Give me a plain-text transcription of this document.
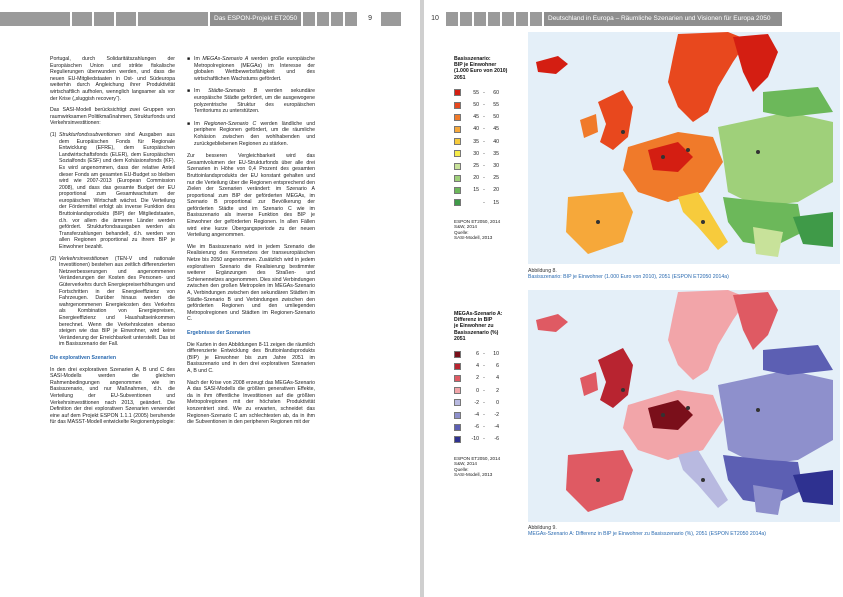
Das ESPON-Projekt ET2050	9

Portugal, durch Solidaritätszahlungen der Europäischen Union und strikte fiskalische Regulierungen überwunden werden, und dass die neuen EU-Mitgliedstaaten in Ost- und Südeuropa weiterhin durch Angleichung ihrer Produktivität wirtschaftlich aufholen, wennglich langsamer als vor der Krise („sluggish recovery“).

Das SASI-Modell berücksichtigt zwei Gruppen von raumwirksamen Politikmaßnahmen, Strukturfonds und Verkehrsinvestitionen:

(1) Strukturfondssubventionen sind Ausgaben aus dem Europäischen Fonds für Regionale Entwicklung (EFRE), dem Europäischen Landwirtschaftsfonds (ELER), dem Europäischen Sozialfonds (ESF) und dem Kohäsionsfonds (KF). Es wird angenommen, dass der relative Anteil dieser Fonds am gesamten EU-Budget so bleiben wird wie 2007-2013 (European Commission 2008), und dass das gesamte Budget der EU proportional zum Gesamtwachstum der europäischen Wirtschaft wächst. Die Verteilung der Fördermittel erfolgt als inverse Funktion des Bruttoinlandsprodukts (BIP) der Mitgliedstaaten, d.h. vor allem die ärmeren Länder werden gefördert. Strukturfondsausgaben werden als Transferzahlungen behandelt, d.h. werden von allen Regionen proportional zu ihrem BIP je Einwohner bezahlt.
(2) Verkehrsinvestitionen (TEN-V und nationale Investitionen) bestehen aus zeitlich differenzierten Netzverbesserungen und angenommenen Veränderungen der Kosten des Personen- und Güterverkehrs durch Energiepreiserhöhungen und Fortschritten in der Energieeffizienz von Fahrzeugen. Darüber hinaus werden die wahrgenommenen Energiekosten des Verkehrs als Kombination von Energiepreisen, Energieeffizienz und Haushaltseinkommen berechnet. Wenn die Verkehrskosten ebenso steigen wie das BIP je Einwohner, wird keine Veränderung der Erreichbarkeit unterstellt. Das ist im Basisszenario der Fall.
Die explorativen Szenarien

In den drei explorativen Szenarien A, B und C des SASI-Modells werden die gleichen Rahmenbedingungen angenommen wie im Basisszenario, und nur Maßnahmen, d.h. die Verteilung der EU-Subventionen und Verkehrsinvestitionen nach 2013, geändert. Die Definition der drei explorativen Szenarien verwendet eine auf dem Projekt ESPON 1.1.1 (2005) beruhende für das MASST-Modell entwickelte Regionentypologie:

■ Im MEGAs-Szenario A werden große europäische Metropolregionen (MEGAs) im Interesse der globalen Wettbewerbsfähigkeit und des wirtschaftlichen Wachstums gefördert.
■ Im Städte-Szenario B werden sekundäre europäische Städte gefördert, um die ausgewogene polyzentrische Struktur des europäischen Territoriums zu unterstützen.
■ Im Regionen-Szenario C werden ländliche und periphere Regionen gefördert, um die räumliche Kohäsion zwischen den wohlhabenden und zurückgebliebenen Regionen zu stärken.

Zur besseren Vergleichbarkeit wird das Gesamtvolumen der EU-Strukturfonds über alle drei Szenarien in Höhe von 0,4 Prozent des gesamten Bruttoinlandsprodukts der EU konstant gehalten und nur die Verteilung über die Regionen entsprechend den Zielen der Szenarien verändert: im Szenario A proportional zum BIP der geförderten MEGAs, im Szenario B proportional zur Bevölkerung der geförderten Städte und im Szenario C wie im Basisszenario als inverse Funktion des BIP je Einwohner der geförderten Regionen. In allen Fällen wird eine kurze Übergangsperiode zu der neuen Verteilung angenommen.

Wie im Basisszenario wird in jedem Szenario die Realisierung des Kernnetzes der transeuropäischen Netze bis 2050 angenommen. Zusätzlich wird in jedem explorativen Szenario die Realisierung bestimmter weiterer Ergänzungen des Straßen- und Schienennetzes angenommen. Dies sind Verbindungen zwischen den großen Metropolen im MEGAs-Szenario A, Verbindungen zwischen den sekundären Städten im Städte-Szenario B und Verbindungen zwischen den geförderten Regionen und den umliegenden Metropolregionen und Städten im Regionen-Szenario C.

Ergebnisse der Szenarien

Die Karten in den Abbildungen 8-11 zeigen die räumlich differenzierte Entwicklung des Bruttoinlandsprodukts (BIP) je Einwohner bis zum Jahre 2051 im Basisszenario und in den drei explorativen Szenarien A, B und C.

Nach der Krise von 2008 erzeugt das MEGAs-Szenario A das SASI-Modells die größten generativen Effekte, da in ihm öffentliche Investitionen auf die größten Metropolregionen mit der höchsten Produktivität konzentriert sind. Wie zu erwarten, schneidet das Regionen-Szenario C am schlechtesten ab, da in ihm die Subventionen in den peripheren Regionen mit der

10	Deutschland in Europa – Räumliche Szenarien und Visionen für Europa 2050
Basisszenario:
BIP je Einwohner
(1.000 Euro von 2010)
2051
55 -	60
50 -	55
45 -	50
40 -	45
35 -	40
30 -	35
25 -	30
20 -	25
15 -	20
-	15
ESPON ET2050, 2014
S&W, 2014
Quelle:
SASI-Modell, 2013
Abbildung 8.
Basisszenario: BIP je Einwohner (1.000 Euro von 2010), 2051 (ESPON ET2050 2014a)
MEGAs-Szenario A:
Differenz in BIP
je Einwohner zu
Basisszenario (%)
2051
6 -	10
4 -	6
2 -	4
0 -	2
-2 -	0
-4 -	-2
-6 -	-4
-10 -	-6
ESPON ET2050, 2014
S&W, 2014
Quelle:
SASI-Modell, 2013
Abbildung 9.
MEGAs-Szenario A: Differenz in BIP je Einwohner zu Basisszenario (%), 2051 (ESPON ET2050 2014a)
